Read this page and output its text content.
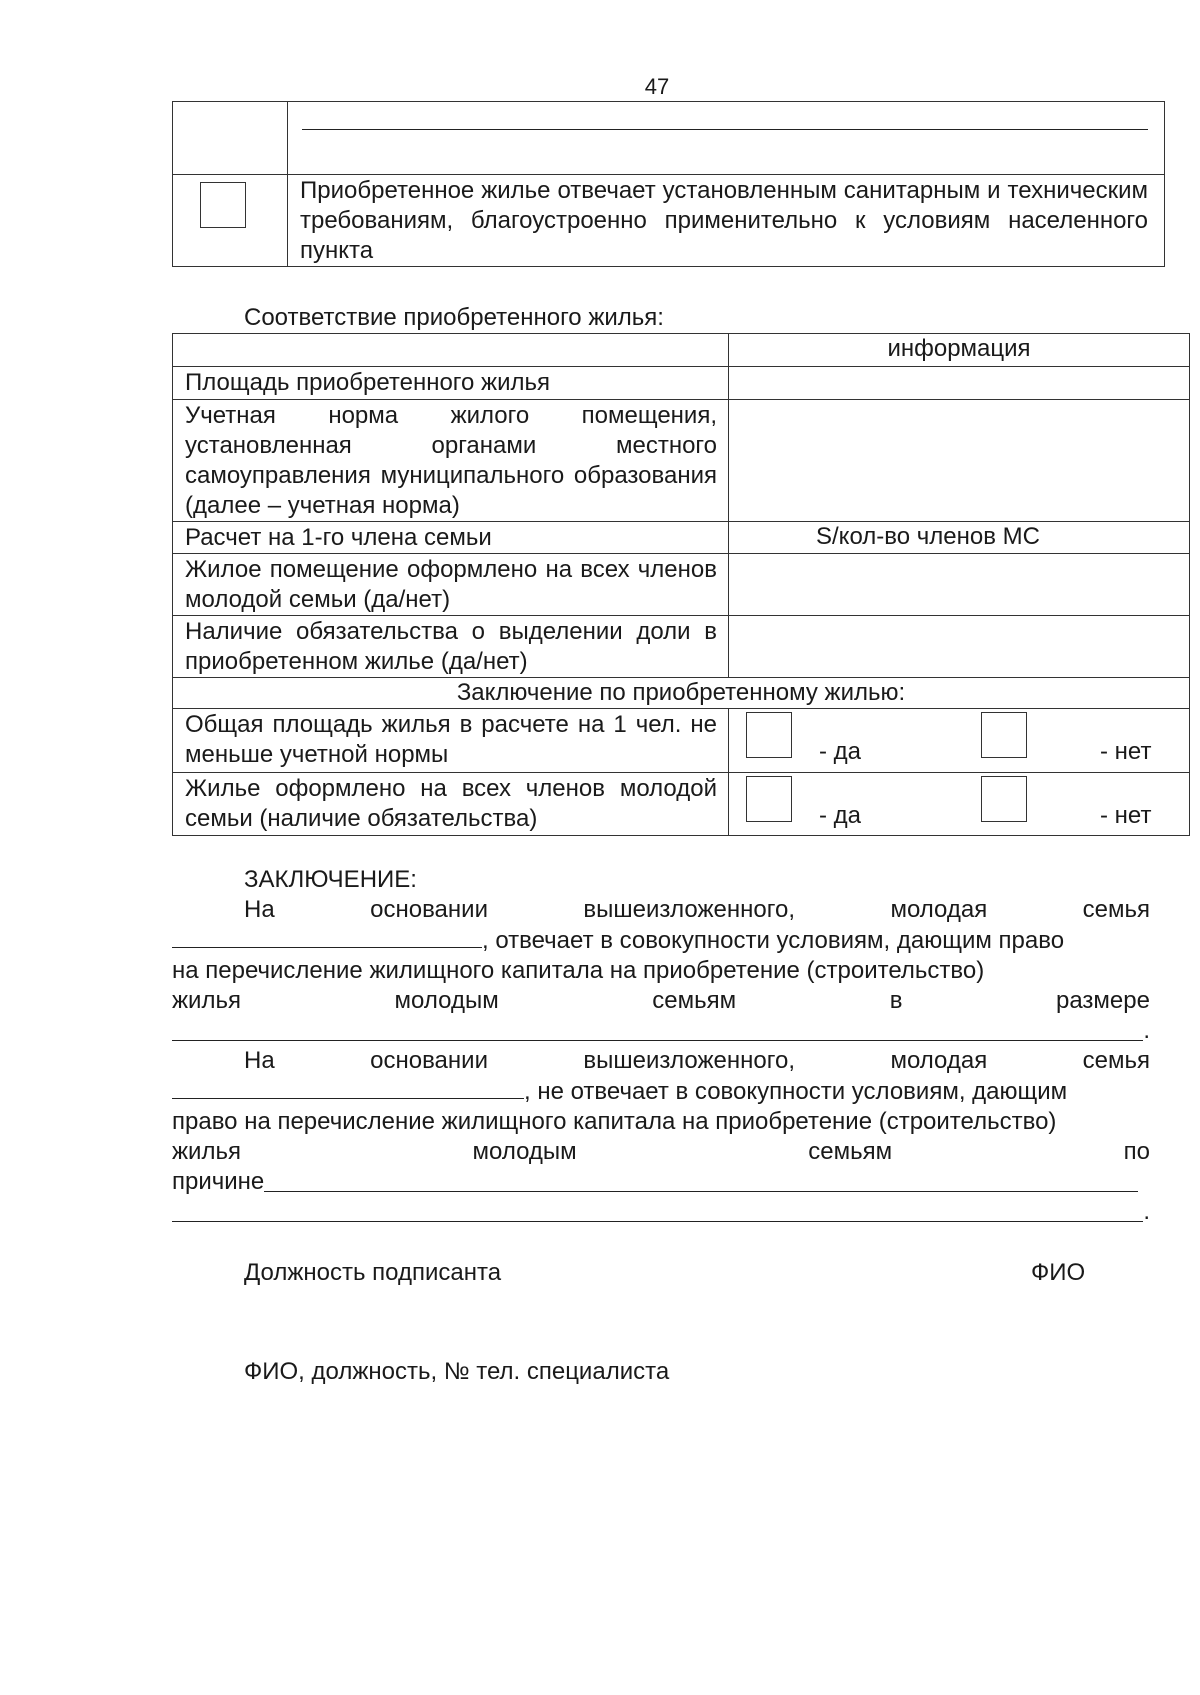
47

	Приобретенное жилье отвечает установленным санитарным и техническим требованиям, благоустроенно применительно к условиям населенного пункта
Соответствие приобретенного жилья:
	информация
Площадь приобретенного жилья	
Учетная норма жилого помещения, установленная органами местного самоуправления муниципального образования (далее – учетная норма)	
Расчет на 1-го члена семьи	S/кол-во членов МС
Жилое помещение оформлено на всех членов молодой семьи (да/нет)	
Наличие обязательства о выделении доли в приобретенном жилье (да/нет)	
Заключение по приобретенному жилью:	
Общая площадь жилья в расчете на 1 чел. не меньше учетной нормы	- да - нет

Жилье оформлено на всех членов молодой семьи (наличие обязательства)	- да - нет
ЗАКЛЮЧЕНИЕ:
На	основании	вышеизложенного,	молодая	семья
, отвечает в совокупности условиям, дающим право
на перечисление жилищного капитала на приобретение (строительство)
жилья	молодым	семьям	в	размере
.
На	основании	вышеизложенного,	молодая	семья
, не отвечает в совокупности условиям, дающим
право на перечисление жилищного капитала на приобретение (строительство)
жилья	молодым	семьям	по
причине
.
Должность подписанта	ФИО
ФИО, должность, № тел. специалиста
